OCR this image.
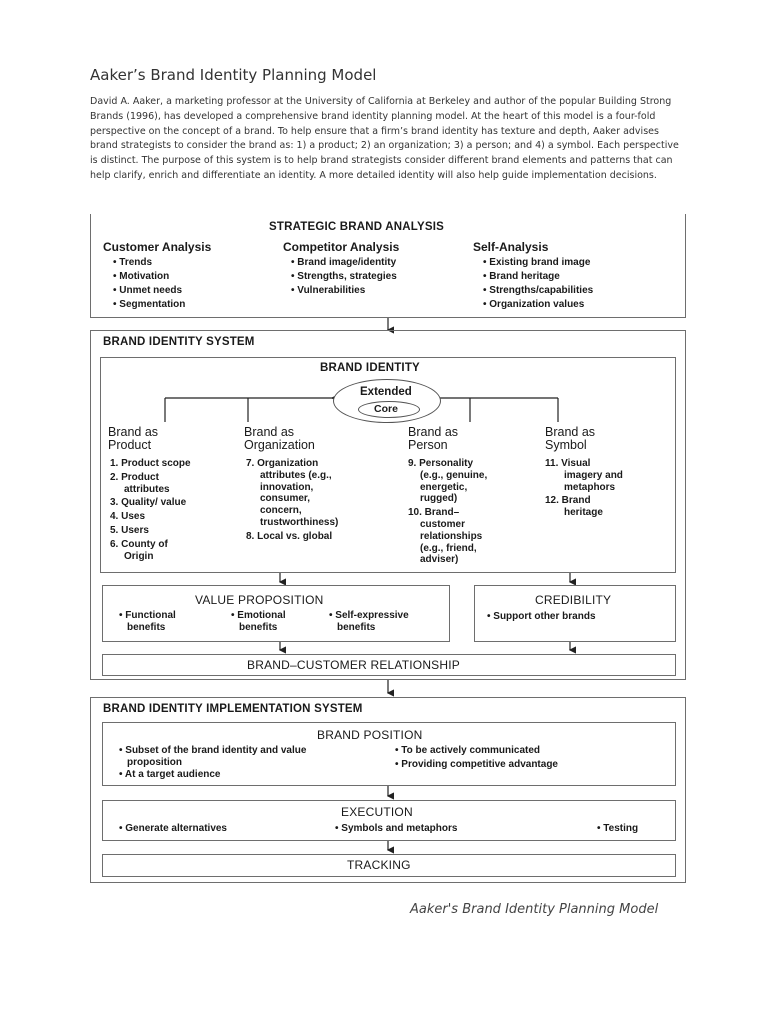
Aaker’s Brand Identity Planning Model

David A. Aaker, a marketing professor at the University of California at Berkeley and author of the popular Building Strong Brands (1996), has developed a comprehensive brand identity planning model. At the heart of this model is a four-fold perspective on the concept of a brand. To help ensure that a firm’s brand identity has texture and depth, Aaker advises brand strategists to consider the brand as: 1) a product; 2) an organization; 3) a person; and 4) a symbol. Each perspective is distinct. The purpose of this system is to help brand strategists consider different brand elements and patterns that can help clarify, enrich and differentiate an identity. A more detailed identity will also help guide implementation decisions.

STRATEGIC BRAND ANALYSIS
Customer Analysis
• Trends
• Motivation
• Unmet needs
• Segmentation
Competitor Analysis
• Brand image/identity
• Strengths, strategies
• Vulnerabilities
Self-Analysis
• Existing brand image
• Brand heritage
• Strengths/capabilities
• Organization values
BRAND IDENTITY SYSTEM
BRAND IDENTITY
Extended
Core
Brand as
Product
1. Product scope
2. Product
attributes
3. Quality/ value
4. Uses
5. Users
6. County of
Origin
Brand as
Organization
7. Organization
attributes (e.g.,
innovation,
consumer,
concern,
trustworthiness)
8. Local vs. global
Brand as
Person
9. Personality
(e.g., genuine,
energetic,
rugged)
10. Brand–
customer
relationships
(e.g., friend,
adviser)
Brand as
Symbol
11. Visual
imagery and
metaphors
12. Brand
heritage
VALUE PROPOSITION
• Functional
benefits
• Emotional
benefits
• Self-expressive
benefits
CREDIBILITY
• Support other brands
BRAND–CUSTOMER RELATIONSHIP
BRAND IDENTITY IMPLEMENTATION SYSTEM
BRAND POSITION
• Subset of the brand identity and value
proposition
• At a target audience
• To be actively communicated
• Providing competitive advantage
EXECUTION
• Generate alternatives	• Symbols and metaphors	• Testing
TRACKING
Aaker's Brand Identity Planning Model
